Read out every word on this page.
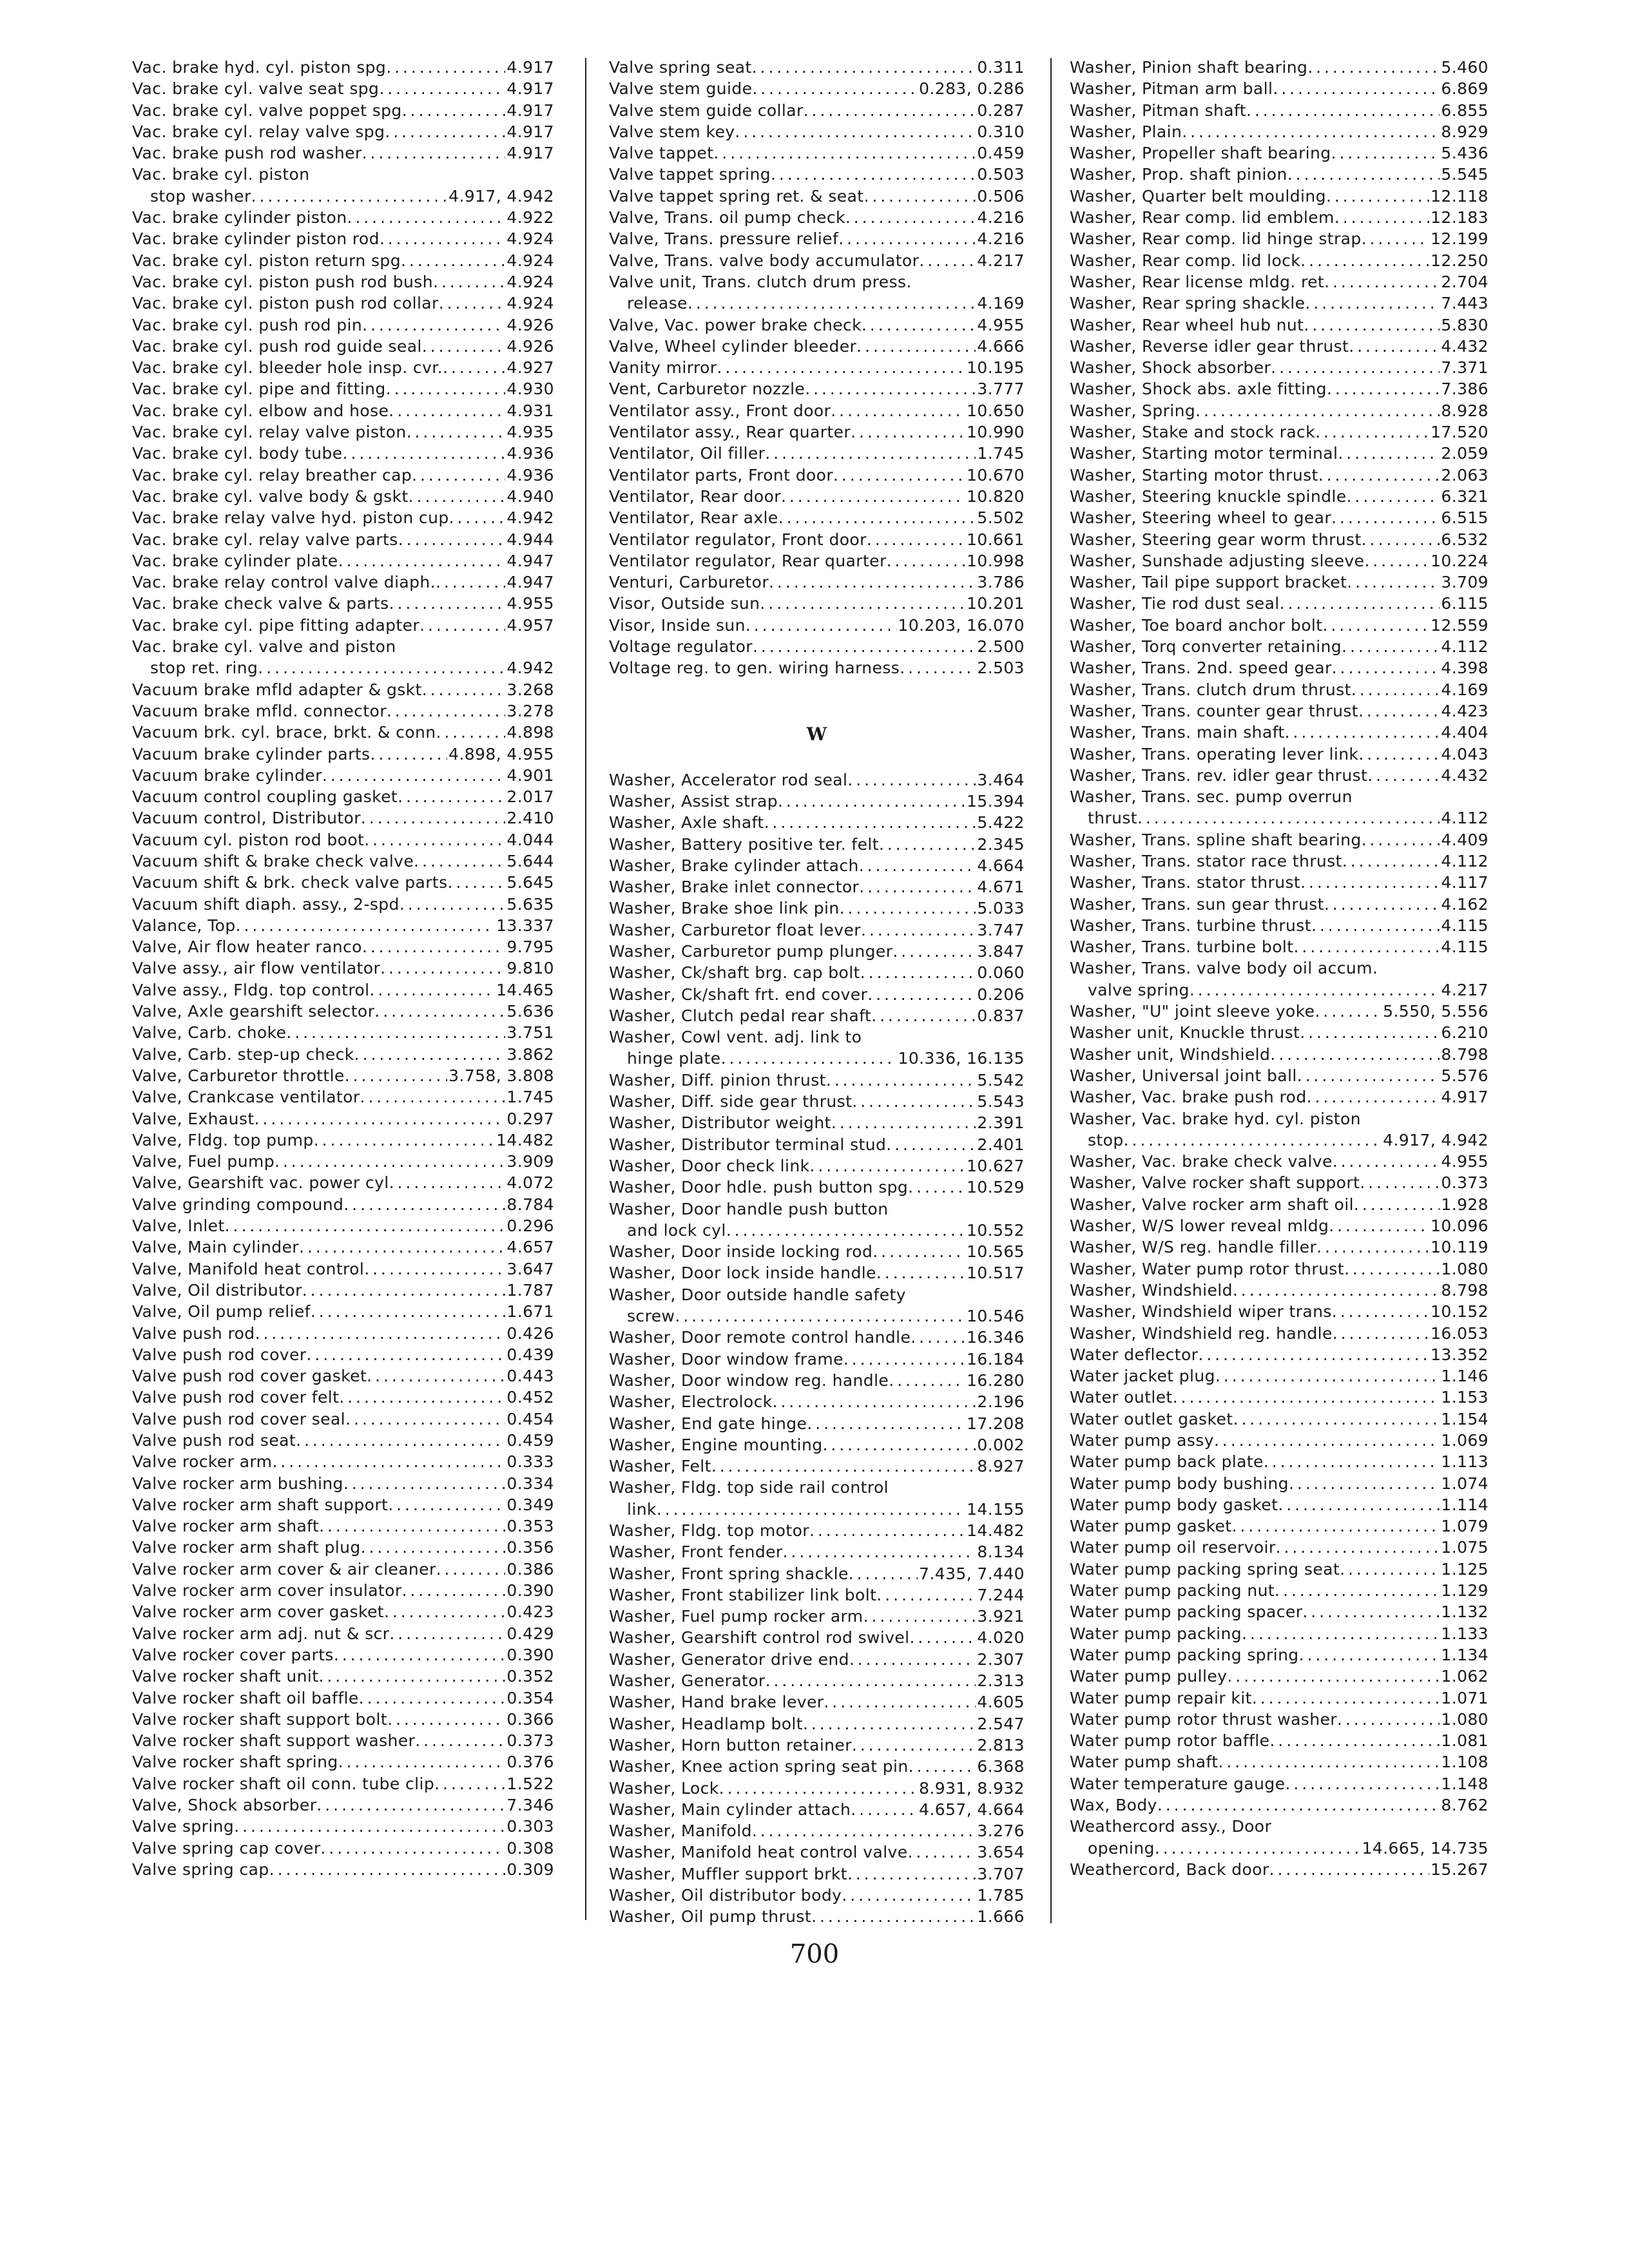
Vac. brake hyd. cyl. piston spg . . .	4.917
Vac. brake cyl. valve seat spg . . .	4.917
Vac. brake cyl. valve poppet spg . . .	4.917
Vac. brake cyl. relay valve spg . . .	4.917
Vac. brake push rod washer . . .	4.917
Vac. brake cyl. piston
stop washer . . .	4.917, 4.942
Vac. brake cylinder piston . . .	4.922
Vac. brake cylinder piston rod . . .	4.924
Vac. brake cyl. piston return spg . . .	4.924
Vac. brake cyl. piston push rod bush . . .	4.924
Vac. brake cyl. piston push rod collar . . .	4.924
Vac. brake cyl. push rod pin . . .	4.926
Vac. brake cyl. push rod guide seal . . .	4.926
Vac. brake cyl. bleeder hole insp. cvr. . . .	4.927
Vac. brake cyl. pipe and fitting . . .	4.930
Vac. brake cyl. elbow and hose . . .	4.931
Vac. brake cyl. relay valve piston . . .	4.935
Vac. brake cyl. body tube . . .	4.936
Vac. brake cyl. relay breather cap . . .	4.936
Vac. brake cyl. valve body & gskt . . .	4.940
Vac. brake relay valve hyd. piston cup . . .	4.942
Vac. brake cyl. relay valve parts . . .	4.944
Vac. brake cylinder plate . . .	4.947
Vac. brake relay control valve diaph. . . .	4.947
Vac. brake check valve & parts . . .	4.955
Vac. brake cyl. pipe fitting adapter . . .	4.957
Vac. brake cyl. valve and piston
stop ret. ring . . .	4.942
Vacuum brake mfld adapter & gskt . . .	3.268
Vacuum brake mfld. connector . . .	3.278
Vacuum brk. cyl. brace, brkt. & conn . . .	4.898
Vacuum brake cylinder parts . . .	4.898, 4.955
Vacuum brake cylinder . . .	4.901
Vacuum control coupling gasket . . .	2.017
Vacuum control, Distributor . . .	2.410
Vacuum cyl. piston rod boot . . .	4.044
Vacuum shift & brake check valve . . .	5.644
Vacuum shift & brk. check valve parts . . .	5.645
Vacuum shift diaph. assy., 2-spd . . .	5.635
Valance, Top . . .	13.337
Valve, Air flow heater ranco . . .	9.795
Valve assy., air flow ventilator . . .	9.810
Valve assy., Fldg. top control . . .	14.465
Valve, Axle gearshift selector . . .	5.636
Valve, Carb. choke . . .	3.751
Valve, Carb. step-up check . . .	3.862
Valve, Carburetor throttle . . .	3.758, 3.808
Valve, Crankcase ventilator . . .	1.745
Valve, Exhaust . . .	0.297
Valve, Fldg. top pump . . .	14.482
Valve, Fuel pump . . .	3.909
Valve, Gearshift vac. power cyl . . .	4.072
Valve grinding compound . . .	8.784
Valve, Inlet . . .	0.296
Valve, Main cylinder . . .	4.657
Valve, Manifold heat control . . .	3.647
Valve, Oil distributor . . .	1.787
Valve, Oil pump relief . . .	1.671
Valve push rod . . .	0.426
Valve push rod cover . . .	0.439
Valve push rod cover gasket . . .	0.443
Valve push rod cover felt . . .	0.452
Valve push rod cover seal . . .	0.454
Valve push rod seat . . .	0.459
Valve rocker arm . . .	0.333
Valve rocker arm bushing . . .	0.334
Valve rocker arm shaft support . . .	0.349
Valve rocker arm shaft . . .	0.353
Valve rocker arm shaft plug . . .	0.356
Valve rocker arm cover & air cleaner . . .	0.386
Valve rocker arm cover insulator . . .	0.390
Valve rocker arm cover gasket . . .	0.423
Valve rocker arm adj. nut & scr . . .	0.429
Valve rocker cover parts . . .	0.390
Valve rocker shaft unit . . .	0.352
Valve rocker shaft oil baffle . . .	0.354
Valve rocker shaft support bolt . . .	0.366
Valve rocker shaft support washer . . .	0.373
Valve rocker shaft spring . . .	0.376
Valve rocker shaft oil conn. tube clip . . .	1.522
Valve, Shock absorber . . .	7.346
Valve spring . . .	0.303
Valve spring cap cover . . .	0.308
Valve spring cap . . .	0.309
Valve spring seat . . .	0.311
Valve stem guide . . .	0.283, 0.286
Valve stem guide collar . . .	0.287
Valve stem key . . .	0.310
Valve tappet . . .	0.459
Valve tappet spring . . .	0.503
Valve tappet spring ret. & seat . . .	0.506
Valve, Trans. oil pump check . . .	4.216
Valve, Trans. pressure relief . . .	4.216
Valve, Trans. valve body accumulator . . .	4.217
Valve unit, Trans. clutch drum press.
release . . .	4.169
Valve, Vac. power brake check . . .	4.955
Valve, Wheel cylinder bleeder . . .	4.666
Vanity mirror . . .	10.195
Vent, Carburetor nozzle . . .	3.777
Ventilator assy., Front door . . .	10.650
Ventilator assy., Rear quarter . . .	10.990
Ventilator, Oil filler . . .	1.745
Ventilator parts, Front door . . .	10.670
Ventilator, Rear door . . .	10.820
Ventilator, Rear axle . . .	5.502
Ventilator regulator, Front door . . .	10.661
Ventilator regulator, Rear quarter . . .	10.998
Venturi, Carburetor . . .	3.786
Visor, Outside sun . . .	10.201
Visor, Inside sun . . .	10.203, 16.070
Voltage regulator . . .	2.500
Voltage reg. to gen. wiring harness . . .	2.503
W
Washer, Accelerator rod seal . . .	3.464
Washer, Assist strap . . .	15.394
Washer, Axle shaft . . .	5.422
Washer, Battery positive ter. felt . . .	2.345
Washer, Brake cylinder attach . . .	4.664
Washer, Brake inlet connector . . .	4.671
Washer, Brake shoe link pin . . .	5.033
Washer, Carburetor float lever . . .	3.747
Washer, Carburetor pump plunger . . .	3.847
Washer, Ck/shaft brg. cap bolt . . .	0.060
Washer, Ck/shaft frt. end cover . . .	0.206
Washer, Clutch pedal rear shaft . . .	0.837
Washer, Cowl vent. adj. link to
hinge plate . . .	10.336, 16.135
Washer, Diff. pinion thrust . . .	5.542
Washer, Diff. side gear thrust . . .	5.543
Washer, Distributor weight . . .	2.391
Washer, Distributor terminal stud . . .	2.401
Washer, Door check link . . .	10.627
Washer, Door hdle. push button spg . . .	10.529
Washer, Door handle push button
and lock cyl . . .	10.552
Washer, Door inside locking rod . . .	10.565
Washer, Door lock inside handle . . .	10.517
Washer, Door outside handle safety
screw . . .	10.546
Washer, Door remote control handle . . .	16.346
Washer, Door window frame . . .	16.184
Washer, Door window reg. handle . . .	16.280
Washer, Electrolock . . .	2.196
Washer, End gate hinge . . .	17.208
Washer, Engine mounting . . .	0.002
Washer, Felt . . .	8.927
Washer, Fldg. top side rail control
link . . .	14.155
Washer, Fldg. top motor . . .	14.482
Washer, Front fender . . .	8.134
Washer, Front spring shackle . . .	7.435, 7.440
Washer, Front stabilizer link bolt . . .	7.244
Washer, Fuel pump rocker arm . . .	3.921
Washer, Gearshift control rod swivel . . .	4.020
Washer, Generator drive end . . .	2.307
Washer, Generator . . .	2.313
Washer, Hand brake lever . . .	4.605
Washer, Headlamp bolt . . .	2.547
Washer, Horn button retainer . . .	2.813
Washer, Knee action spring seat pin . . .	6.368
Washer, Lock . . .	8.931, 8.932
Washer, Main cylinder attach . . .	4.657, 4.664
Washer, Manifold . . .	3.276
Washer, Manifold heat control valve . . .	3.654
Washer, Muffler support brkt . . .	3.707
Washer, Oil distributor body . . .	1.785
Washer, Oil pump thrust . . .	1.666
Washer, Pinion shaft bearing . . .	5.460
Washer, Pitman arm ball . . .	6.869
Washer, Pitman shaft . . .	6.855
Washer, Plain . . .	8.929
Washer, Propeller shaft bearing . . .	5.436
Washer, Prop. shaft pinion . . .	5.545
Washer, Quarter belt moulding . . .	12.118
Washer, Rear comp. lid emblem . . .	12.183
Washer, Rear comp. lid hinge strap . . .	12.199
Washer, Rear comp. lid lock . . .	12.250
Washer, Rear license mldg. ret . . .	2.704
Washer, Rear spring shackle . . .	7.443
Washer, Rear wheel hub nut . . .	5.830
Washer, Reverse idler gear thrust . . .	4.432
Washer, Shock absorber . . .	7.371
Washer, Shock abs. axle fitting . . .	7.386
Washer, Spring . . .	8.928
Washer, Stake and stock rack . . .	17.520
Washer, Starting motor terminal . . .	2.059
Washer, Starting motor thrust . . .	2.063
Washer, Steering knuckle spindle . . .	6.321
Washer, Steering wheel to gear . . .	6.515
Washer, Steering gear worm thrust . . .	6.532
Washer, Sunshade adjusting sleeve . . .	10.224
Washer, Tail pipe support bracket . . .	3.709
Washer, Tie rod dust seal . . .	6.115
Washer, Toe board anchor bolt . . .	12.559
Washer, Torq converter retaining . . .	4.112
Washer, Trans. 2nd. speed gear . . .	4.398
Washer, Trans. clutch drum thrust . . .	4.169
Washer, Trans. counter gear thrust . . .	4.423
Washer, Trans. main shaft . . .	4.404
Washer, Trans. operating lever link . . .	4.043
Washer, Trans. rev. idler gear thrust . . .	4.432
Washer, Trans. sec. pump overrun
thrust . . .	4.112
Washer, Trans. spline shaft bearing . . .	4.409
Washer, Trans. stator race thrust . . .	4.112
Washer, Trans. stator thrust . . .	4.117
Washer, Trans. sun gear thrust . . .	4.162
Washer, Trans. turbine thrust . . .	4.115
Washer, Trans. turbine bolt . . .	4.115
Washer, Trans. valve body oil accum.
valve spring . . .	4.217
Washer, "U" joint sleeve yoke . . .	5.550, 5.556
Washer unit, Knuckle thrust . . .	6.210
Washer unit, Windshield . . .	8.798
Washer, Universal joint ball . . .	5.576
Washer, Vac. brake push rod . . .	4.917
Washer, Vac. brake hyd. cyl. piston
stop . . .	4.917, 4.942
Washer, Vac. brake check valve . . .	4.955
Washer, Valve rocker shaft support . . .	0.373
Washer, Valve rocker arm shaft oil . . .	1.928
Washer, W/S lower reveal mldg . . .	10.096
Washer, W/S reg. handle filler . . .	10.119
Washer, Water pump rotor thrust . . .	1.080
Washer, Windshield . . .	8.798
Washer, Windshield wiper trans . . .	10.152
Washer, Windshield reg. handle . . .	16.053
Water deflector . . .	13.352
Water jacket plug . . .	1.146
Water outlet . . .	1.153
Water outlet gasket . . .	1.154
Water pump assy . . .	1.069
Water pump back plate . . .	1.113
Water pump body bushing . . .	1.074
Water pump body gasket . . .	1.114
Water pump gasket . . .	1.079
Water pump oil reservoir . . .	1.075
Water pump packing spring seat . . .	1.125
Water pump packing nut . . .	1.129
Water pump packing spacer . . .	1.132
Water pump packing . . .	1.133
Water pump packing spring . . .	1.134
Water pump pulley . . .	1.062
Water pump repair kit . . .	1.071
Water pump rotor thrust washer . . .	1.080
Water pump rotor baffle . . .	1.081
Water pump shaft . . .	1.108
Water temperature gauge . . .	1.148
Wax, Body . . .	8.762
Weathercord assy., Door
opening . . .	14.665, 14.735
Weathercord, Back door . . .	15.267
700
